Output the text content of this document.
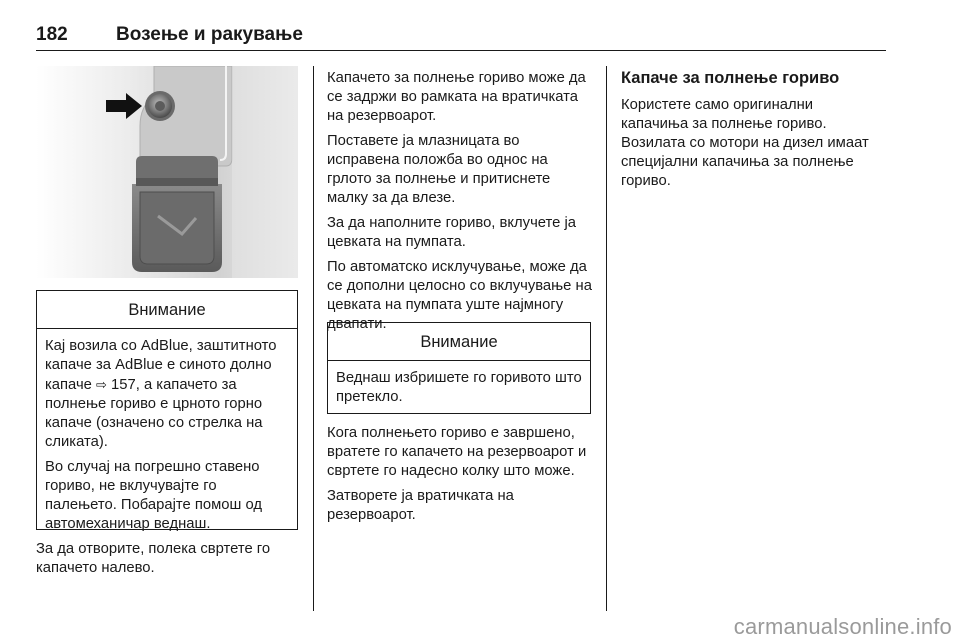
182	Возење и ракување
Внимание

Кај возила со AdBlue, заштитното капаче за AdBlue е синото долно капаче ⇨ 157, а капачето за полнење гориво е црното горно капаче (означено со стрелка на сликата).

Во случај на погрешно ставено гориво, не вклучувајте го палењето. Побарајте помош од автомеханичар веднаш.

За да отворите, полека свртете го капачето налево.

Капачето за полнење гориво може да се задржи во рамката на вратичката на резервоарот.

Поставете ја млазницата во исправена положба во однос на грлото за полнење и притиснете малку за да влезе.

За да наполните гориво, вклучете ја цевката на пумпата.

По автоматско исклучување, може да се дополни целосно со вклучување на цевката на пумпата уште најмногу двапати.

Внимание

Веднаш избришете го горивото што претекло.

Кога полнењето гориво е завршено, вратете го капачето на резервоарот и свртете го надесно колку што може.

Затворете ја вратичката на резервоарот.

Капаче за полнење гориво

Користете само оригинални капачиња за полнење гориво. Возилата со мотори на дизел имаат специјални капачиња за полнење гориво.

carmanualsonline.info
